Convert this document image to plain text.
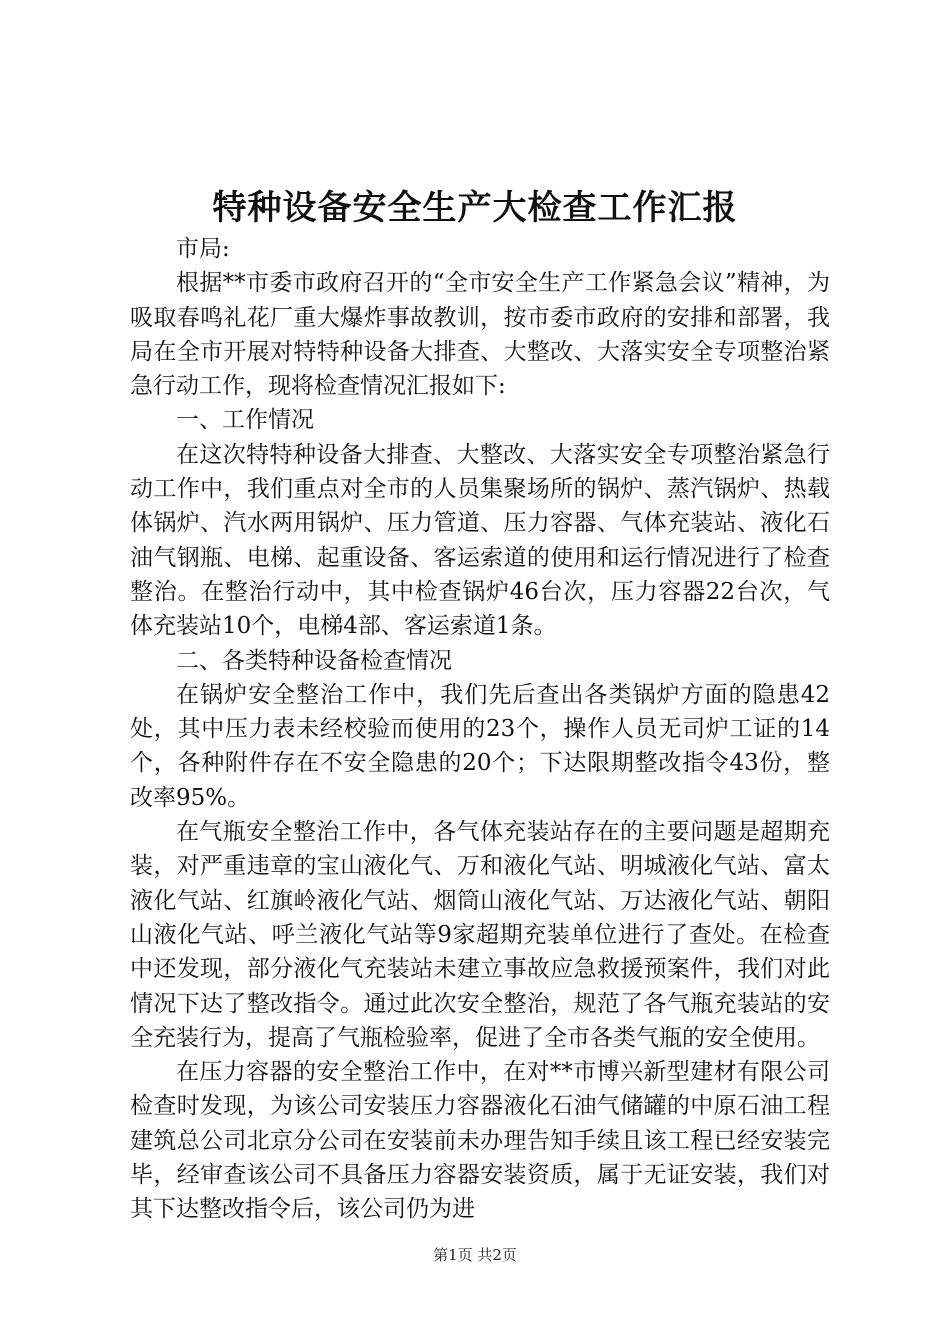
特种设备安全生产大检查工作汇报

市局:

根据**市委市政府召开的“全市安全生产工作紧急会议”精神，为吸取春鸣礼花厂重大爆炸事故教训，按市委市政府的安排和部署，我局在全市开展对特特种设备大排查、大整改、大落实安全专项整治紧急行动工作，现将检查情况汇报如下:

一、工作情况

在这次特特种设备大排查、大整改、大落实安全专项整治紧急行动工作中，我们重点对全市的人员集聚场所的锅炉、蒸汽锅炉、热载体锅炉、汽水两用锅炉、压力管道、压力容器、气体充装站、液化石油气钢瓶、电梯、起重设备、客运索道的使用和运行情况进行了检查整治。在整治行动中，其中检查锅炉46台次，压力容器22台次，气体充装站10个，电梯4部、客运索道1条。

二、各类特种设备检查情况

在锅炉安全整治工作中，我们先后查出各类锅炉方面的隐患42处，其中压力表未经校验而使用的23个，操作人员无司炉工证的14个，各种附件存在不安全隐患的20个；下达限期整改指令43份，整改率95%。

在气瓶安全整治工作中，各气体充装站存在的主要问题是超期充装，对严重违章的宝山液化气、万和液化气站、明城液化气站、富太液化气站、红旗岭液化气站、烟筒山液化气站、万达液化气站、朝阳山液化气站、呼兰液化气站等9家超期充装单位进行了查处。在检查中还发现，部分液化气充装站未建立事故应急救援预案件，我们对此情况下达了整改指令。通过此次安全整治，规范了各气瓶充装站的安全充装行为，提高了气瓶检验率，促进了全市各类气瓶的安全使用。

在压力容器的安全整治工作中，在对**市博兴新型建材有限公司检查时发现，为该公司安装压力容器液化石油气储罐的中原石油工程建筑总公司北京分公司在安装前未办理告知手续且该工程已经安装完毕，经审查该公司不具备压力容器安装资质，属于无证安装，我们对其下达整改指令后，该公司仍为进

第1页 共2页
